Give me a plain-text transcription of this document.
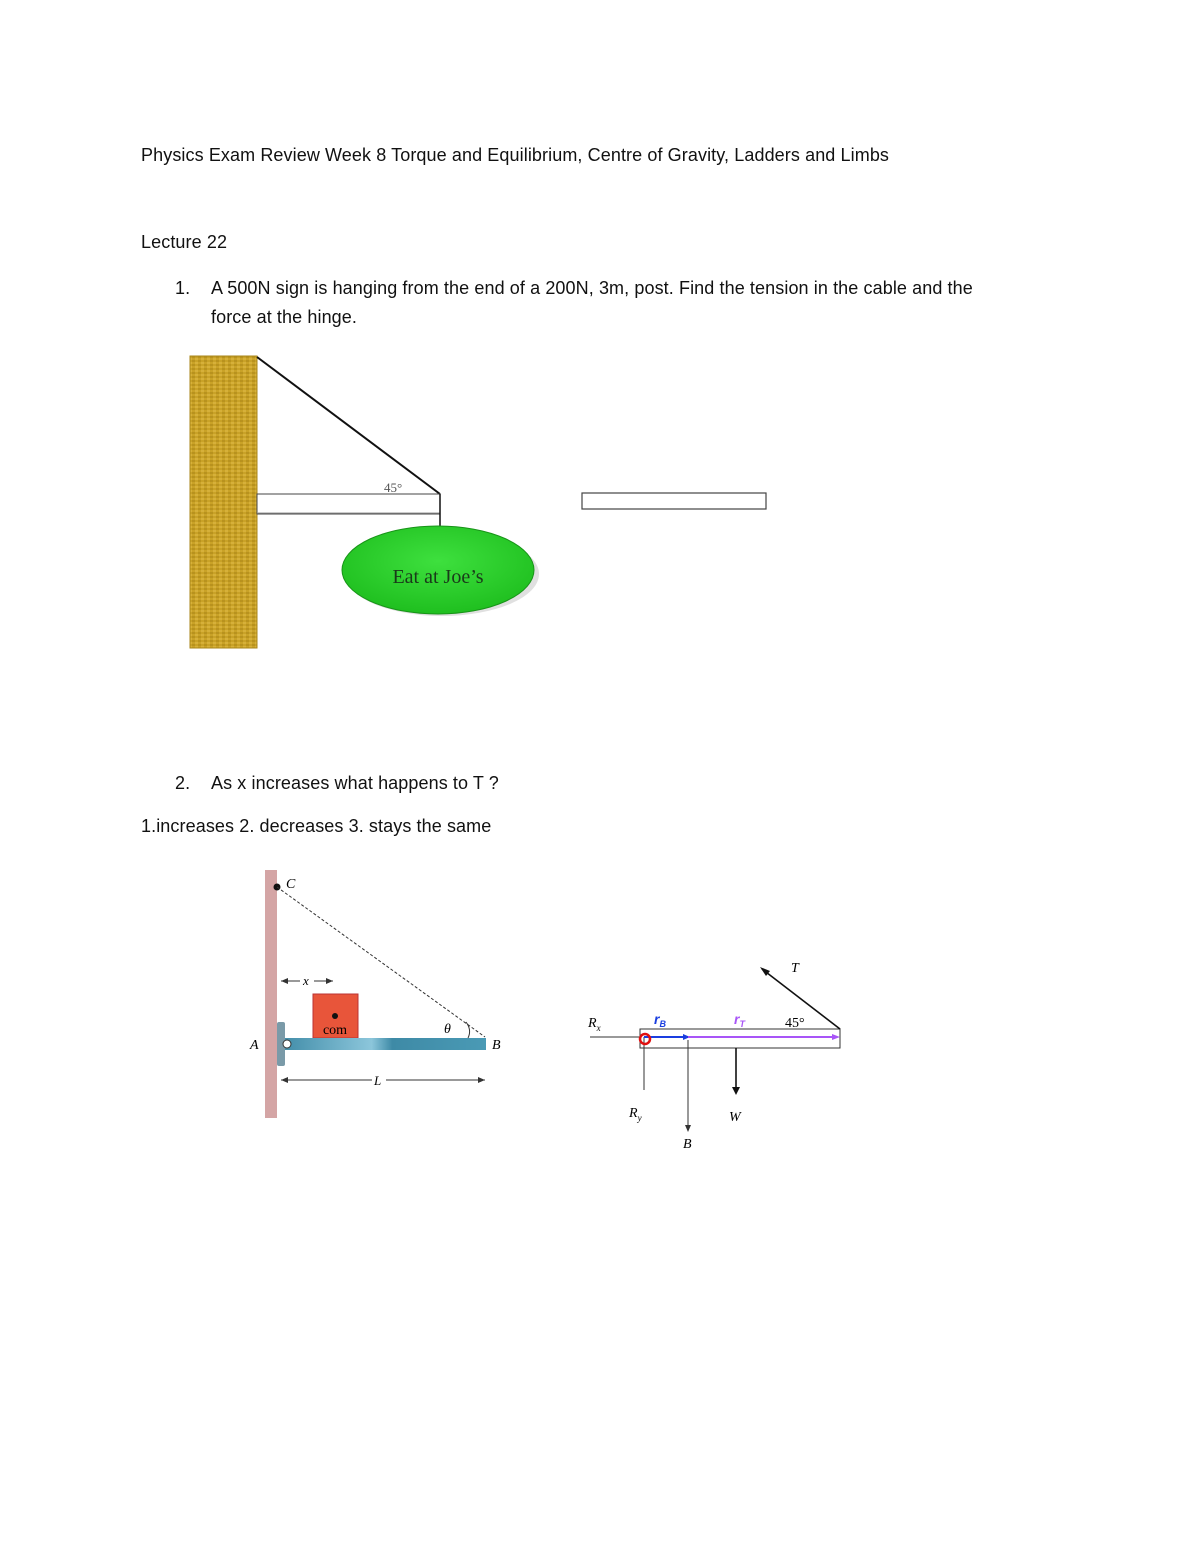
Physics Exam Review Week 8 Torque and Equilibrium, Centre of Gravity, Ladders and Limbs
Lecture 22
1. A 500N sign is hanging from the end of a 200N, 3m, post. Find the tension in the cable and the
force at the hinge.
45°
Eat at Joe’s
2. As x increases what happens to T ?
1.increases 2. decreases 3. stays the same
C
x
com	θ
A	B
L
T
45°
$R_x$
$R_y$
$r_B$	$r_T$
B
W
